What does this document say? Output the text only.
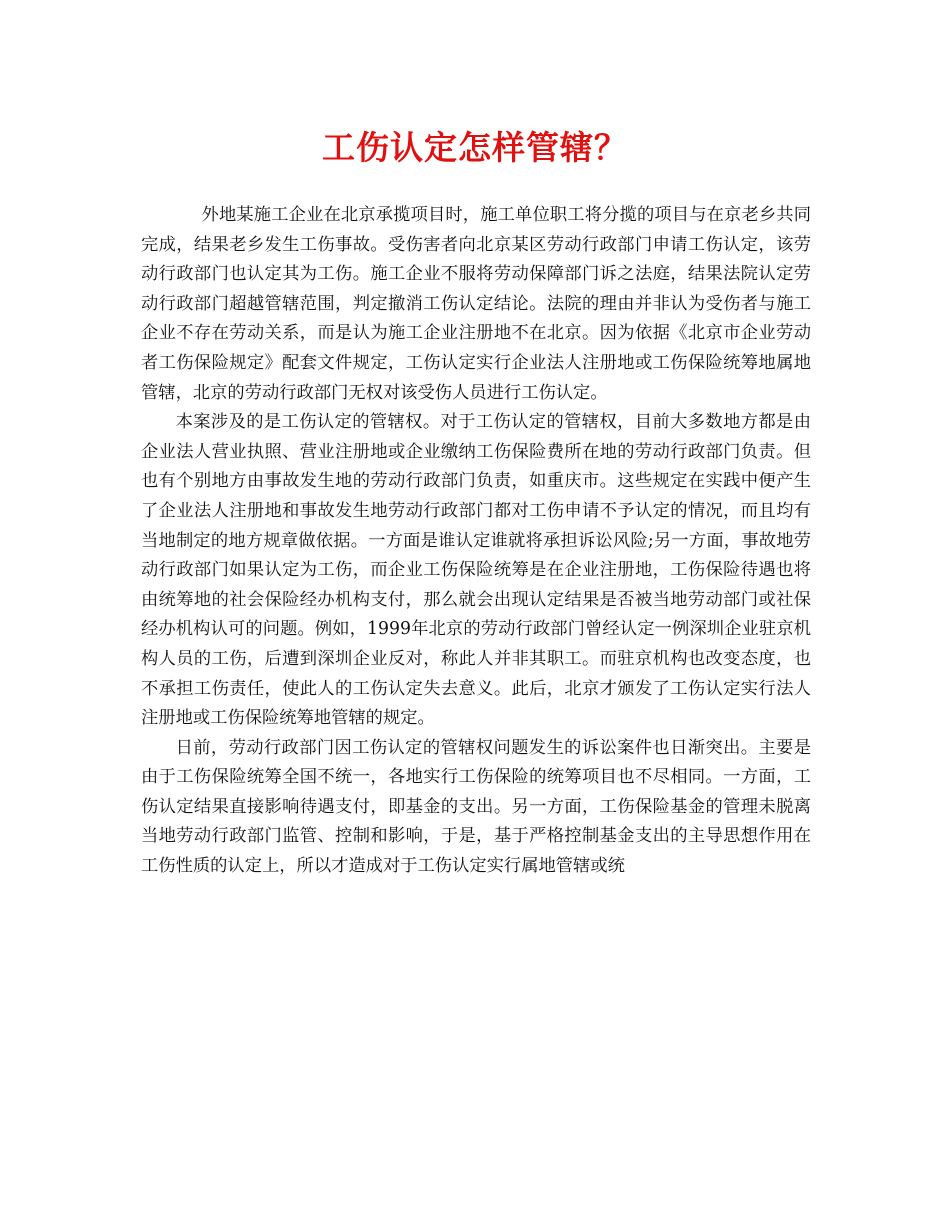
工伤认定怎样管辖？

外地某施工企业在北京承揽项目时，施工单位职工将分揽的项目与在京老乡共同完成，结果老乡发生工伤事故。受伤害者向北京某区劳动行政部门申请工伤认定，该劳动行政部门也认定其为工伤。施工企业不服将劳动保障部门诉之法庭，结果法院认定劳动行政部门超越管辖范围，判定撤消工伤认定结论。法院的理由并非认为受伤者与施工企业不存在劳动关系，而是认为施工企业注册地不在北京。因为依据《北京市企业劳动者工伤保险规定》配套文件规定，工伤认定实行企业法人注册地或工伤保险统筹地属地管辖，北京的劳动行政部门无权对该受伤人员进行工伤认定。

本案涉及的是工伤认定的管辖权。对于工伤认定的管辖权，目前大多数地方都是由企业法人营业执照、营业注册地或企业缴纳工伤保险费所在地的劳动行政部门负责。但也有个别地方由事故发生地的劳动行政部门负责，如重庆市。这些规定在实践中便产生了企业法人注册地和事故发生地劳动行政部门都对工伤申请不予认定的情况，而且均有当地制定的地方规章做依据。一方面是谁认定谁就将承担诉讼风险;另一方面，事故地劳动行政部门如果认定为工伤，而企业工伤保险统筹是在企业注册地，工伤保险待遇也将由统筹地的社会保险经办机构支付，那么就会出现认定结果是否被当地劳动部门或社保经办机构认可的问题。例如，1999年北京的劳动行政部门曾经认定一例深圳企业驻京机构人员的工伤，后遭到深圳企业反对，称此人并非其职工。而驻京机构也改变态度，也不承担工伤责任，使此人的工伤认定失去意义。此后，北京才颁发了工伤认定实行法人注册地或工伤保险统筹地管辖的规定。

日前，劳动行政部门因工伤认定的管辖权问题发生的诉讼案件也日渐突出。主要是由于工伤保险统筹全国不统一，各地实行工伤保险的统筹项目也不尽相同。一方面，工伤认定结果直接影响待遇支付，即基金的支出。另一方面，工伤保险基金的管理未脱离当地劳动行政部门监管、控制和影响，于是，基于严格控制基金支出的主导思想作用在工伤性质的认定上，所以才造成对于工伤认定实行属地管辖或统
